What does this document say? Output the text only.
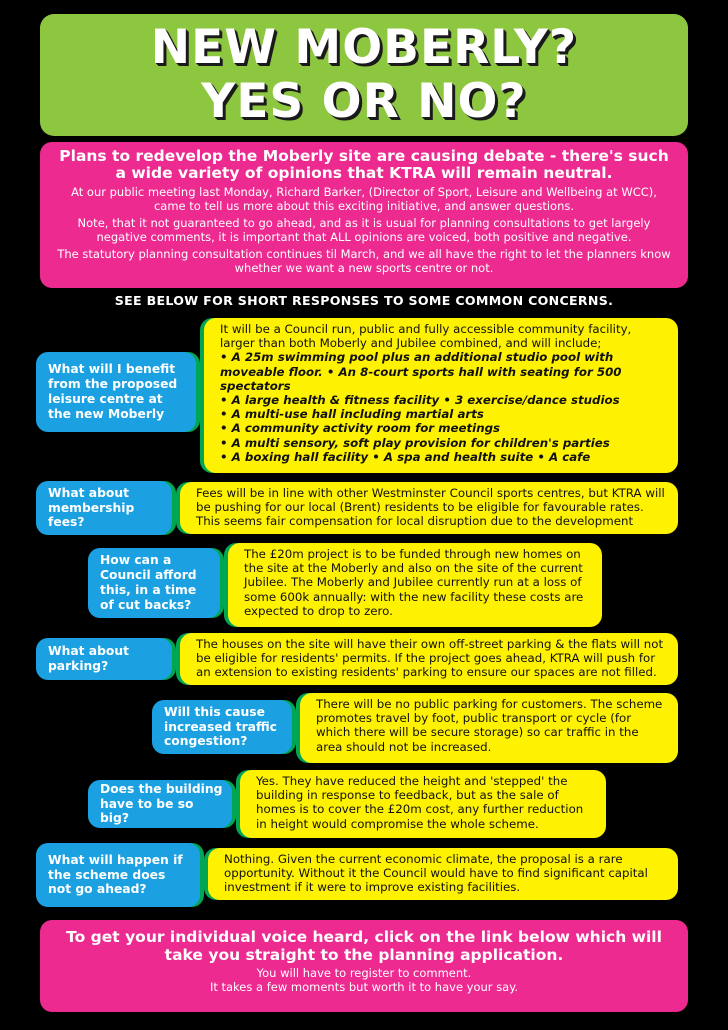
NEW MOBERLY?
YES OR NO?

Plans to redevelop the Moberly site are causing debate - there's such a wide variety of opinions that KTRA will remain neutral.

At our public meeting last Monday, Richard Barker, (Director of Sport, Leisure and Wellbeing at WCC), came to tell us more about this exciting initiative, and answer questions.

Note, that it not guaranteed to go ahead, and as it is usual for planning consultations to get largely negative comments, it is important that ALL opinions are voiced, both positive and negative.

The statutory planning consultation continues til March, and we all have the right to let the planners know whether we want a new sports centre or not.

SEE BELOW FOR SHORT RESPONSES TO SOME COMMON CONCERNS.
It will be a Council run, public and fully accessible community facility, larger than both Moberly and Jubilee combined, and will include;
• A 25m swimming pool plus an additional studio pool with moveable floor. • An 8-court sports hall with seating for 500 spectators
• A large health & fitness facility • 3 exercise/dance studios
• A multi-use hall including martial arts
• A community activity room for meetings
• A multi sensory, soft play provision for children's parties
• A boxing hall facility • A spa and health suite • A cafe
What will I benefit from the proposed leisure centre at the new Moberly
Fees will be in line with other Westminster Council sports centres, but KTRA will be pushing for our local (Brent) residents to be eligible for favourable rates. This seems fair compensation for local disruption due to the development
What about membership fees?
The £20m project is to be funded through new homes on the site at the Moberly and also on the site of the current Jubilee. The Moberly and Jubilee currently run at a loss of some 600k annually: with the new facility these costs are expected to drop to zero.
How can a Council afford this, in a time of cut backs?
The houses on the site will have their own off-street parking & the flats will not be eligible for residents' permits. If the project goes ahead, KTRA will push for an extension to existing residents' parking to ensure our spaces are not filled.
What about parking?
There will be no public parking for customers. The scheme promotes travel by foot, public transport or cycle (for which there will be secure storage) so car traffic in the area should not be increased.
Will this cause increased traffic congestion?
Yes. They have reduced the height and 'stepped' the building in response to feedback, but as the sale of homes is to cover the £20m cost, any further reduction in height would compromise the whole scheme.
Does the building have to be so big?
Nothing. Given the current economic climate, the proposal is a rare opportunity. Without it the Council would have to find significant capital investment if it were to improve existing facilities.
What will happen if the scheme does not go ahead?

To get your individual voice heard, click on the link below which will take you straight to the planning application.

You will have to register to comment.

It takes a few moments but worth it to have your say.
